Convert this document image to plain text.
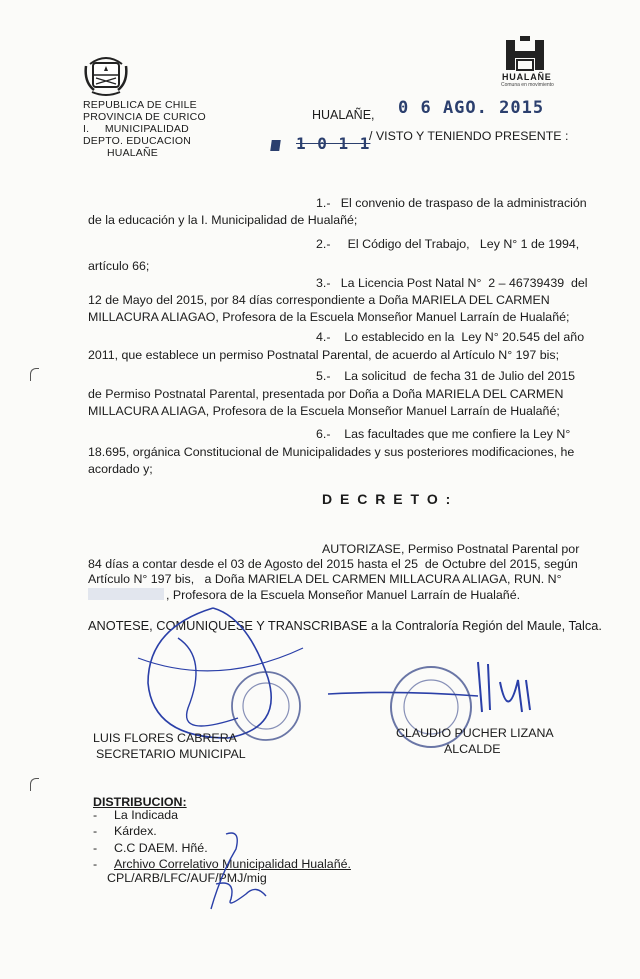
REPUBLICA DE CHILE
PROVINCIA DE CURICO
I.     MUNICIPALIDAD
DEPTO. EDUCACION
HUALAÑE
HUALAÑE
Comuna en movimiento
HUALAÑE, 0 6 AGO. 2015
1 0 1 1
/ VISTO Y TENIENDO PRESENTE :
1.-   El convenio de traspaso de la administración
de la educación y la I. Municipalidad de Hualañé;
2.-     El Código del Trabajo,   Ley N° 1 de 1994,
artículo 66;
3.-   La Licencia Post Natal N°  2 – 46739439  del
12 de Mayo del 2015, por 84 días correspondiente a Doña MARIELA DEL CARMEN
MILLACURA ALIAGAO, Profesora de la Escuela Monseñor Manuel Larraín de Hualañé;
4.-    Lo establecido en la  Ley N° 20.545 del año
2011, que establece un permiso Postnatal Parental, de acuerdo al Artículo N° 197 bis;
5.-    La solicitud  de fecha 31 de Julio del 2015
de Permiso Postnatal Parental, presentada por Doña a Doña MARIELA DEL CARMEN
MILLACURA ALIAGA, Profesora de la Escuela Monseñor Manuel Larraín de Hualañé;
6.-    Las facultades que me confiere la Ley N°
18.695, orgánica Constitucional de Municipalidades y sus posteriores modificaciones, he
acordado y;
D E C R E T O :
AUTORIZASE, Permiso Postnatal Parental por
84 días a contar desde el 03 de Agosto del 2015 hasta el 25  de Octubre del 2015, según
Artículo N° 197 bis,   a Doña MARIELA DEL CARMEN MILLACURA ALIAGA, RUN. N°
, Profesora de la Escuela Monseñor Manuel Larraín de Hualañé.
ANOTESE, COMUNIQUESE Y TRANSCRIBASE a la Contraloría Región del Maule, Talca.
LUIS FLORES CABRERA
SECRETARIO MUNICIPAL
CLAUDIO PUCHER LIZANA
ALCALDE
DISTRIBUCION:
- La Indicada
- Kárdex.
- C.C DAEM. Hñé.
- Archivo Correlativo Municipalidad Hualañé.
CPL/ARB/LFC/AUF/PMJ/mig
